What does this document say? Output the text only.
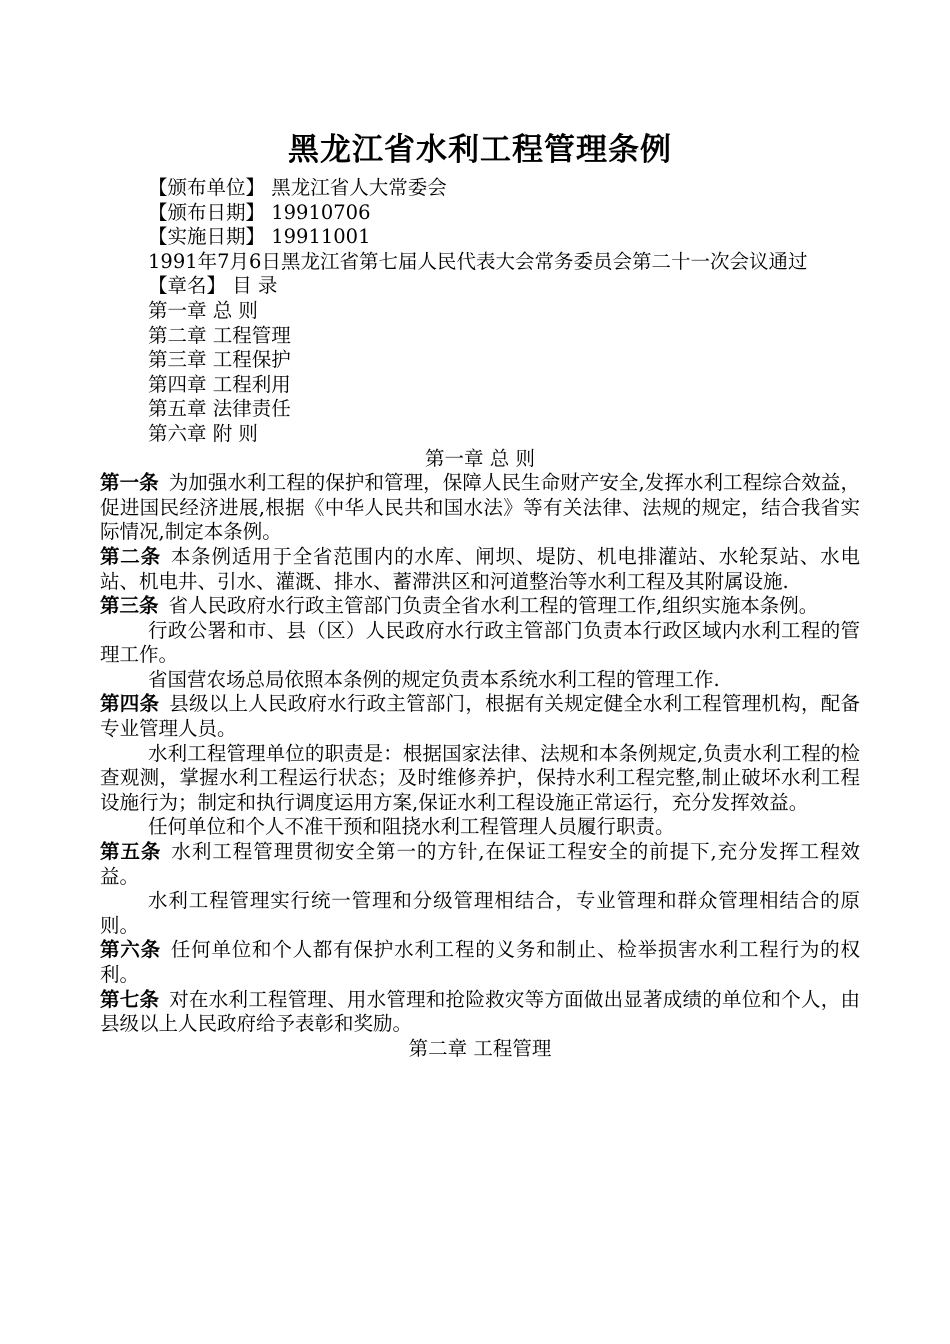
黑龙江省水利工程管理条例

【颁布单位】 黑龙江省人大常委会

【颁布日期】 19910706

【实施日期】 19911001

1991年7月6日黑龙江省第七届人民代表大会常务委员会第二十一次会议通过

【章名】 目 录

第一章 总 则

第二章 工程管理

第三章 工程保护

第四章 工程利用

第五章 法律责任

第六章 附 则

第一章 总 则

第一条 为加强水利工程的保护和管理，保障人民生命财产安全,发挥水利工程综合效益，促进国民经济进展,根据《中华人民共和国水法》等有关法律、法规的规定，结合我省实际情况,制定本条例。

第二条 本条例适用于全省范围内的水库、闸坝、堤防、机电排灌站、水轮泵站、水电站、机电井、引水、灌溉、排水、蓄滞洪区和河道整治等水利工程及其附属设施.

第三条 省人民政府水行政主管部门负责全省水利工程的管理工作,组织实施本条例。

行政公署和市、县（区）人民政府水行政主管部门负责本行政区域内水利工程的管理工作。

省国营农场总局依照本条例的规定负责本系统水利工程的管理工作.

第四条 县级以上人民政府水行政主管部门，根据有关规定健全水利工程管理机构，配备专业管理人员。

水利工程管理单位的职责是：根据国家法律、法规和本条例规定,负责水利工程的检查观测，掌握水利工程运行状态；及时维修养护，保持水利工程完整,制止破坏水利工程设施行为；制定和执行调度运用方案,保证水利工程设施正常运行，充分发挥效益。

任何单位和个人不准干预和阻挠水利工程管理人员履行职责。

第五条 水利工程管理贯彻安全第一的方针,在保证工程安全的前提下,充分发挥工程效益。

水利工程管理实行统一管理和分级管理相结合，专业管理和群众管理相结合的原则。

第六条 任何单位和个人都有保护水利工程的义务和制止、检举损害水利工程行为的权利。

第七条 对在水利工程管理、用水管理和抢险救灾等方面做出显著成绩的单位和个人，由县级以上人民政府给予表彰和奖励。

第二章 工程管理
